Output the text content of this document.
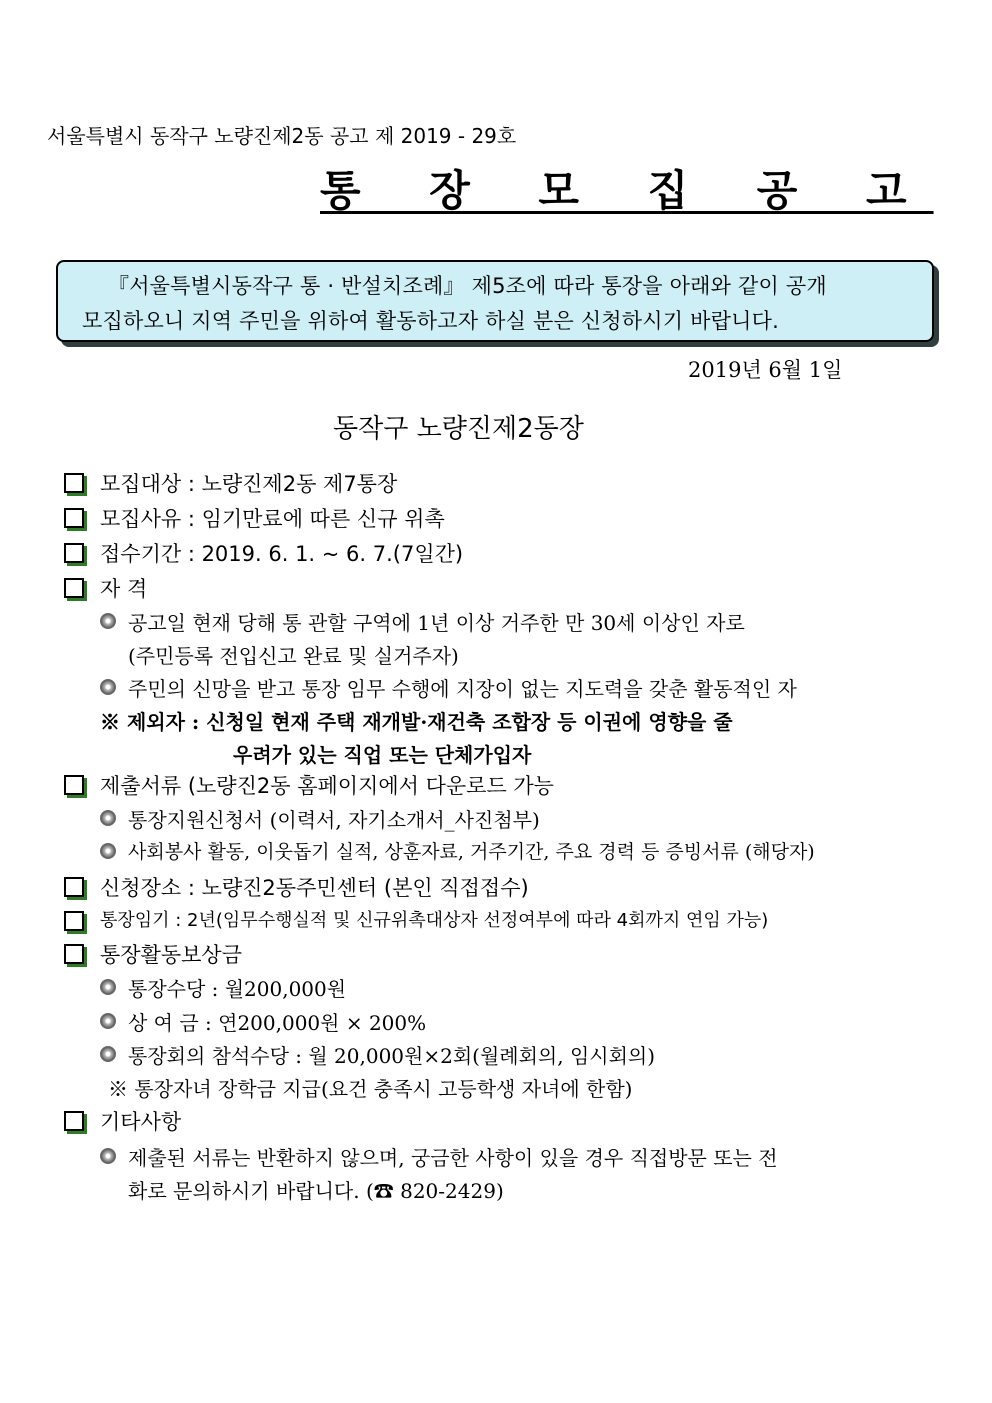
서울특별시 동작구 노량진제2동 공고 제 2019 - 29호
통 장 모 집 공 고
『서울특별시동작구 통 · 반설치조례』 제5조에 따라 통장을 아래와 같이 공개
모집하오니 지역 주민을 위하여 활동하고자 하실 분은 신청하시기 바랍니다.
2019년 6월 1일
동작구 노량진제2동장
모집대상 : 노량진제2동 제7통장
모집사유 : 임기만료에 따른 신규 위촉
접수기간 : 2019. 6. 1. ~ 6. 7.(7일간)
자 격
공고일 현재 당해 통 관할 구역에 1년 이상 거주한 만 30세 이상인 자로
(주민등록 전입신고 완료 및 실거주자)
주민의 신망을 받고 통장 임무 수행에 지장이 없는 지도력을 갖춘 활동적인 자
※ 제외자 : 신청일 현재 주택 재개발·재건축 조합장 등 이권에 영향을 줄
우려가 있는 직업 또는 단체가입자
제출서류 (노량진2동 홈페이지에서 다운로드 가능
통장지원신청서 (이력서, 자기소개서_사진첨부)
사회봉사 활동, 이웃돕기 실적, 상훈자료, 거주기간, 주요 경력 등 증빙서류 (해당자)
신청장소 : 노량진2동주민센터 (본인 직접접수)
통장임기 : 2년(임무수행실적 및 신규위촉대상자 선정여부에 따라 4회까지 연임 가능)
통장활동보상금
통장수당 : 월200,000원
상 여 금 : 연200,000원 × 200%
통장회의 참석수당 : 월 20,000원×2회(월례회의, 임시회의)
※ 통장자녀 장학금 지급(요건 충족시 고등학생 자녀에 한함)
기타사항
제출된 서류는 반환하지 않으며, 궁금한 사항이 있을 경우 직접방문 또는 전
화로 문의하시기 바랍니다. (☎ 820-2429)
